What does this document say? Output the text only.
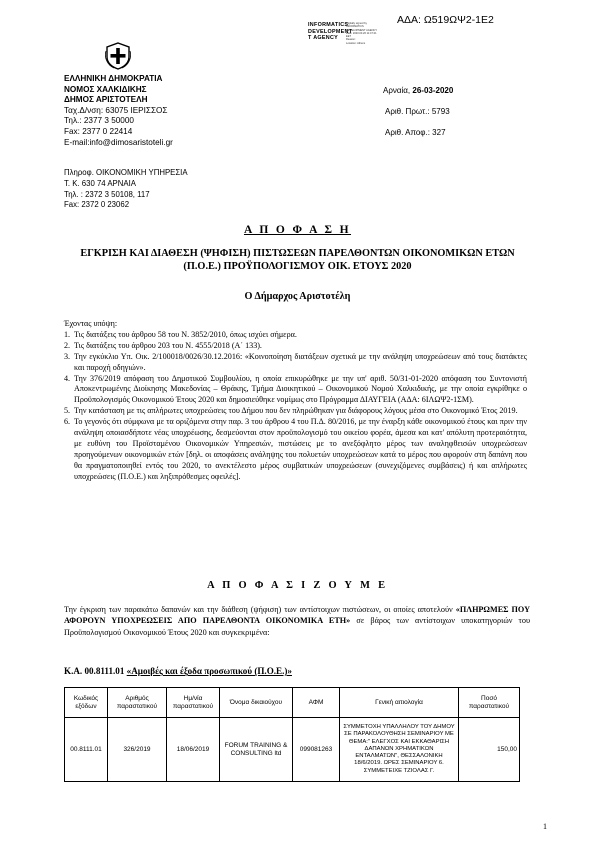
ΑΔΑ: Ω519ΩΨ2-1Ε2
INFORMATICS
DEVELOPMENT
T AGENCY
Digitally signed by
INFORMATICS
DEVELOPMENT AGENCY
Date: 2020.03.26 11:47:21
EET
Reason:
Location: Athens
ΕΛΛΗΝΙΚΗ ΔΗΜΟΚΡΑΤΙΑ
ΝΟΜΟΣ ΧΑΛΚΙΔΙΚΗΣ
ΔΗΜΟΣ ΑΡΙΣΤΟΤΕΛΗ
Ταχ.Δ/νση: 63075 ΙΕΡΙΣΣΟΣ
Τηλ.: 2377 3 50000
Fax: 2377 0 22414
E-mail:info@dimosaristoteli.gr
Αρναία, 26-03-2020
Αριθ. Πρωτ.: 5793
Αριθ. Αποφ.: 327
Πληροφ. ΟΙΚΟΝΟΜΙΚΗ ΥΠΗΡΕΣΙΑ
Τ. Κ. 630 74 ΑΡΝΑΙΑ
Τηλ. : 2372 3 50108, 117
Fax: 2372 0 23062
Α Π Ο Φ Α Σ Η
ΕΓΚΡΙΣΗ ΚΑΙ ΔΙΑΘΕΣΗ (ΨΗΦΙΣΗ) ΠΙΣΤΩΣΕΩΝ ΠΑΡΕΛΘΟΝΤΩΝ ΟΙΚΟΝΟΜΙΚΩΝ ΕΤΩΝ (Π.Ο.Ε.) ΠΡΟΫΠΟΛΟΓΙΣΜΟΥ ΟΙΚ. ΕΤΟΥΣ 2020
Ο Δήμαρχος Αριστοτέλη

Έχοντας υπόψη:

1. Τις διατάξεις του άρθρου 58 του Ν. 3852/2010, όπως ισχύει σήμερα.
2. Τις διατάξεις του άρθρου 203 του Ν. 4555/2018 (Α΄ 133).
3. Την εγκύκλιο Υπ. Οικ. 2/100018/0026/30.12.2016: «Κοινοποίηση διατάξεων σχετικά με την ανάληψη υποχρεώσεων από τους διατάκτες και παροχή οδηγιών».
4. Την 376/2019 απόφαση του Δημοτικού Συμβουλίου, η οποία επικυρώθηκε με την υπ' αριθ. 50/31-01-2020 απόφαση του Συντονιστή Αποκεντρωμένης Διοίκησης Μακεδονίας – Θράκης, Τμήμα Διοικητικού – Οικονομικού Νομού Χαλκιδικής, με την οποία εγκρίθηκε ο Προϋπολογισμός Οικονομικού Έτους 2020 και δημοσιεύθηκε νομίμως στο Πρόγραμμα ΔΙΑΥΓΕΙΑ (ΑΔΑ: 6ΙΛΩΨ2-1ΣΜ).
5. Την κατάσταση με τις απλήρωτες υποχρεώσεις του Δήμου που δεν πληρώθηκαν για διάφορους λόγους μέσα στο Οικονομικό Έτος 2019.
6. Το γεγονός ότι σύμφωνα με τα οριζόμενα στην παρ. 3 του άρθρου 4 του Π.Δ. 80/2016, με την έναρξη κάθε οικονομικού έτους και πριν την ανάληψη οποιασδήποτε νέας υποχρέωσης, δεσμεύονται στον προϋπολογισμό του οικείου φορέα, άμεσα και κατ' απόλυτη προτεραιότητα, με ευθύνη του Προϊσταμένου Οικονομικών Υπηρεσιών, πιστώσεις με το ανεξόφλητο μέρος των αναληφθεισών υποχρεώσεων προηγούμενων οικονομικών ετών [δηλ. οι αποφάσεις ανάληψης του πολυετών υποχρεώσεων κατά το μέρος που αφορούν στη δαπάνη που θα πραγματοποιηθεί εντός του 2020, το ανεκτέλεστο μέρος συμβατικών υποχρεώσεων (συνεχιζόμενες συμβάσεις) ή και απλήρωτες υποχρεώσεις (Π.Ο.Ε.) και ληξιπρόθεσμες οφειλές].
Α Π Ο Φ Α Σ Ι Ζ Ο Υ Μ Ε
Την έγκριση των παρακάτω δαπανών και την διάθεση (ψήφιση) των αντίστοιχων πιστώσεων, οι οποίες αποτελούν «ΠΛΗΡΩΜΕΣ ΠΟΥ ΑΦΟΡΟΥΝ ΥΠΟΧΡΕΩΣΕΙΣ ΑΠΟ ΠΑΡΕΛΘΟΝΤΑ ΟΙΚΟΝΟΜΙΚΑ ΕΤΗ» σε βάρος των αντίστοιχων υποκατηγοριών του Προϋπολογισμού Οικονομικού Έτους 2020 και συγκεκριμένα:
Κ.Α. 00.8111.01 «Αμοιβές και έξοδα προσωπικού (Π.Ο.Ε.)»
Κωδικός εξόδων	Αριθμός παραστατικού	Ημ/νία παραστατικού	Όνομα δικαιούχου	ΑΦΜ	Γενική αιτιολογία	Ποσό παραστατικού
00.8111.01	326/2019	18/06/2019	FORUM TRAINING & CONSULTING ltd	099081263	ΣΥΜΜΕΤΟΧΗ ΥΠΑΛΛΗΛΟΥ ΤΟΥ ΔΗΜΟΥ ΣΕ ΠΑΡΑΚΟΛΟΥΘΗΣΗ ΣΕΜΙΝΑΡΙΟΥ ΜΕ ΘΕΜΑ:" ΕΛΕΓΧΟΣ ΚΑΙ ΕΚΚΑΘΑΡΙΣΗ ΔΑΠΑΝΩΝ ΧΡΗΜΑΤΙΚΩΝ ΕΝΤΑΛΜΑΤΩΝ", ΘΕΣΣΑΛΟΝΙΚΗ 18/6/2019. ΩΡΕΣ ΣΕΜΙΝΑΡΙΟΥ 6. ΣΥΜΜΕΤΕΙΧΕ ΤΖΙΟΛΑΣ Γ.	150,00
1
